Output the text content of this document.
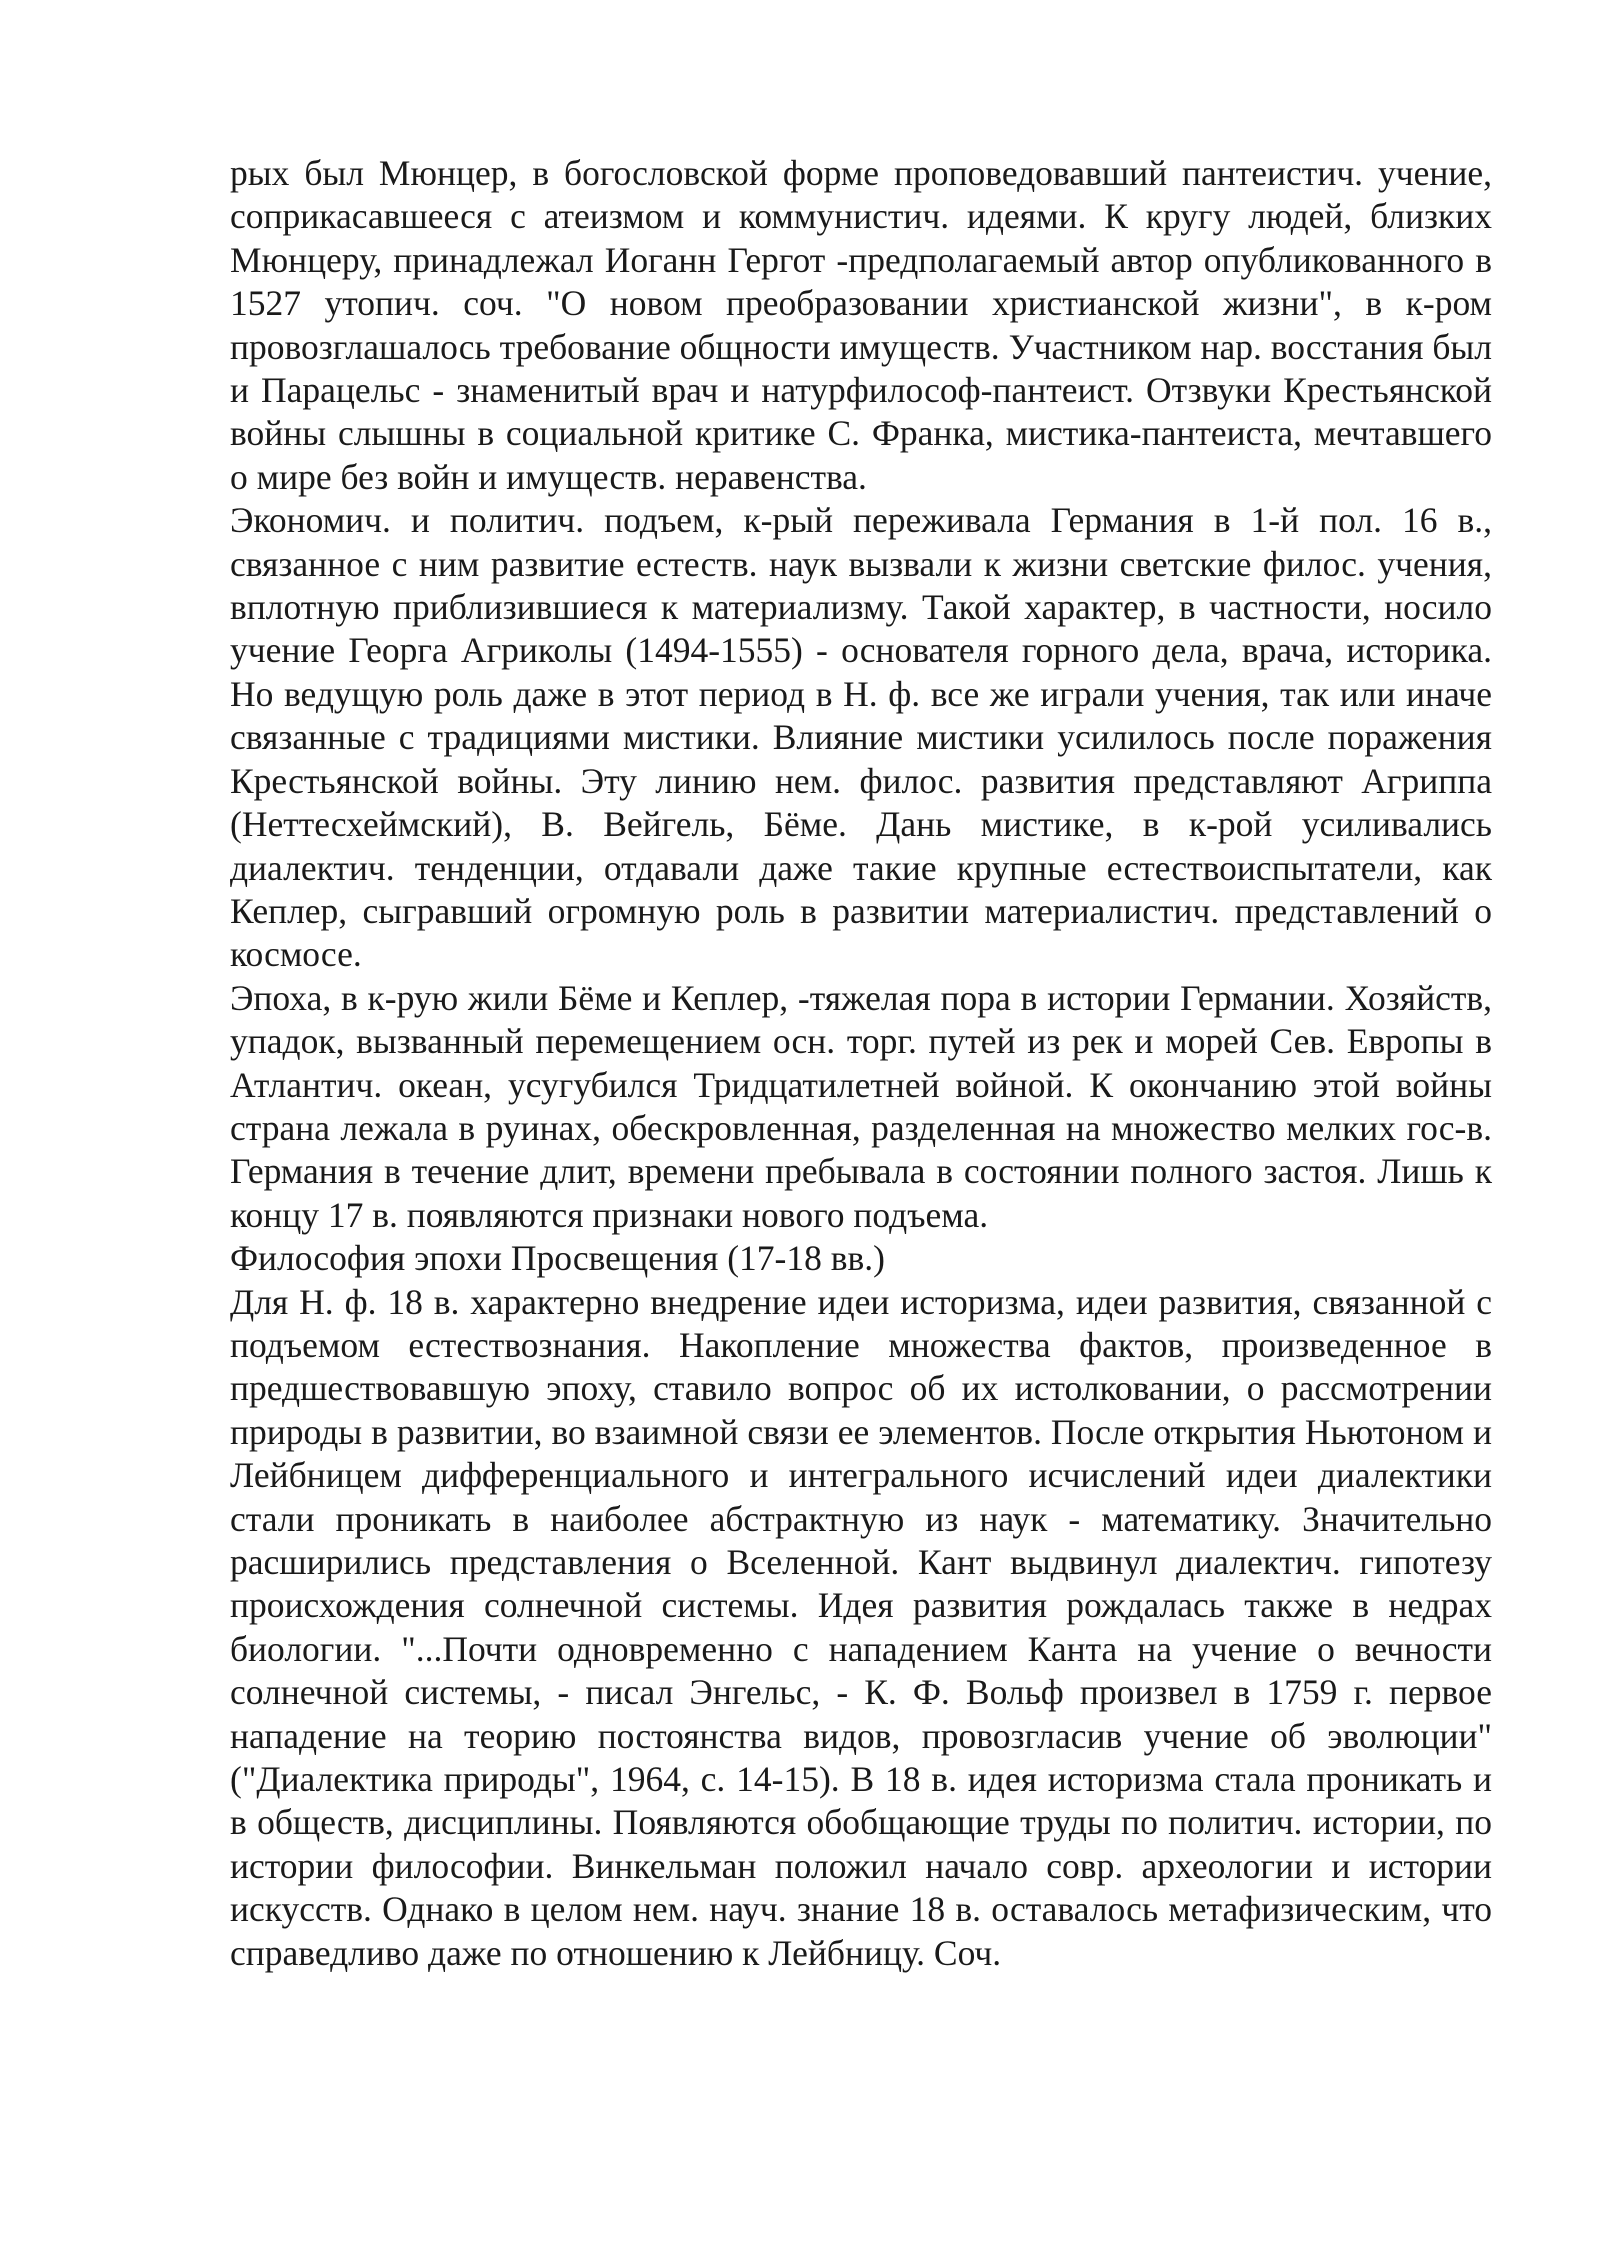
рых был Мюнцер, в богословской форме проповедовавший пантеистич. учение, соприкасавшееся с атеизмом и коммунистич. идеями. К кругу людей, близких Мюнцеру, принадлежал Иоганн Гергот -предполагаемый автор опубликованного в 1527 утопич. соч. "О новом преобразовании христианской жизни", в к-ром провозглашалось требование общности имуществ. Участником нар. восстания был и Парацельс - знаменитый врач и натурфилософ-пантеист. Отзвуки Крестьянской войны слышны в социальной критике С. Франка, мистика-пантеиста, мечтавшего о мире без войн и имуществ. неравенства.

Экономич. и политич. подъем, к-рый переживала Германия в 1-й пол. 16 в., связанное с ним развитие естеств. наук вызвали к жизни светские филос. учения, вплотную приблизившиеся к материализму. Такой характер, в частности, носило учение Георга Агриколы (1494-1555) - основателя горного дела, врача, историка. Но ведущую роль даже в этот период в Н. ф. все же играли учения, так или иначе связанные с традициями мистики. Влияние мистики усилилось после поражения Крестьянской войны. Эту линию нем. филос. развития представляют Агриппа (Неттесхеймский), В. Вейгель, Бёме. Дань мистике, в к-рой усиливались диалектич. тенденции, отдавали даже такие крупные естествоиспытатели, как Кеплер, сыгравший огромную роль в развитии материалистич. представлений о космосе.

Эпоха, в к-рую жили Бёме и Кеплер, -тяжелая пора в истории Германии. Хозяйств, упадок, вызванный перемещением осн. торг. путей из рек и морей Сев. Европы в Атлантич. океан, усугубился Тридцатилетней войной. К окончанию этой войны страна лежала в руинах, обескровленная, разделенная на множество мелких гос-в. Германия в течение длит, времени пребывала в состоянии полного застоя. Лишь к концу 17 в. появляются признаки нового подъема.

Философия эпохи Просвещения (17-18 вв.)

Для Н. ф. 18 в. характерно внедрение идеи историзма, идеи развития, связанной с подъемом естествознания. Накопление множества фактов, произведенное в предшествовавшую эпоху, ставило вопрос об их истолковании, о рассмотрении природы в развитии, во взаимной связи ее элементов. После открытия Ньютоном и Лейбницем дифференциального и интегрального исчислений идеи диалектики стали проникать в наиболее абстрактную из наук - математику. Значительно расширились представления о Вселенной. Кант выдвинул диалектич. гипотезу происхождения солнечной системы. Идея развития рождалась также в недрах биологии. "...Почти одновременно с нападением Канта на учение о вечности солнечной системы, - писал Энгельс, - К. Ф. Вольф произвел в 1759 г. первое нападение на теорию постоянства видов, провозгласив учение об эволюции" ("Диалектика природы", 1964, с. 14-15). В 18 в. идея историзма стала проникать и в обществ, дисциплины. Появляются обобщающие труды по политич. истории, по истории философии. Винкельман положил начало совр. археологии и истории искусств. Однако в целом нем. науч. знание 18 в. оставалось метафизическим, что справедливо даже по отношению к Лейбницу. Соч.
